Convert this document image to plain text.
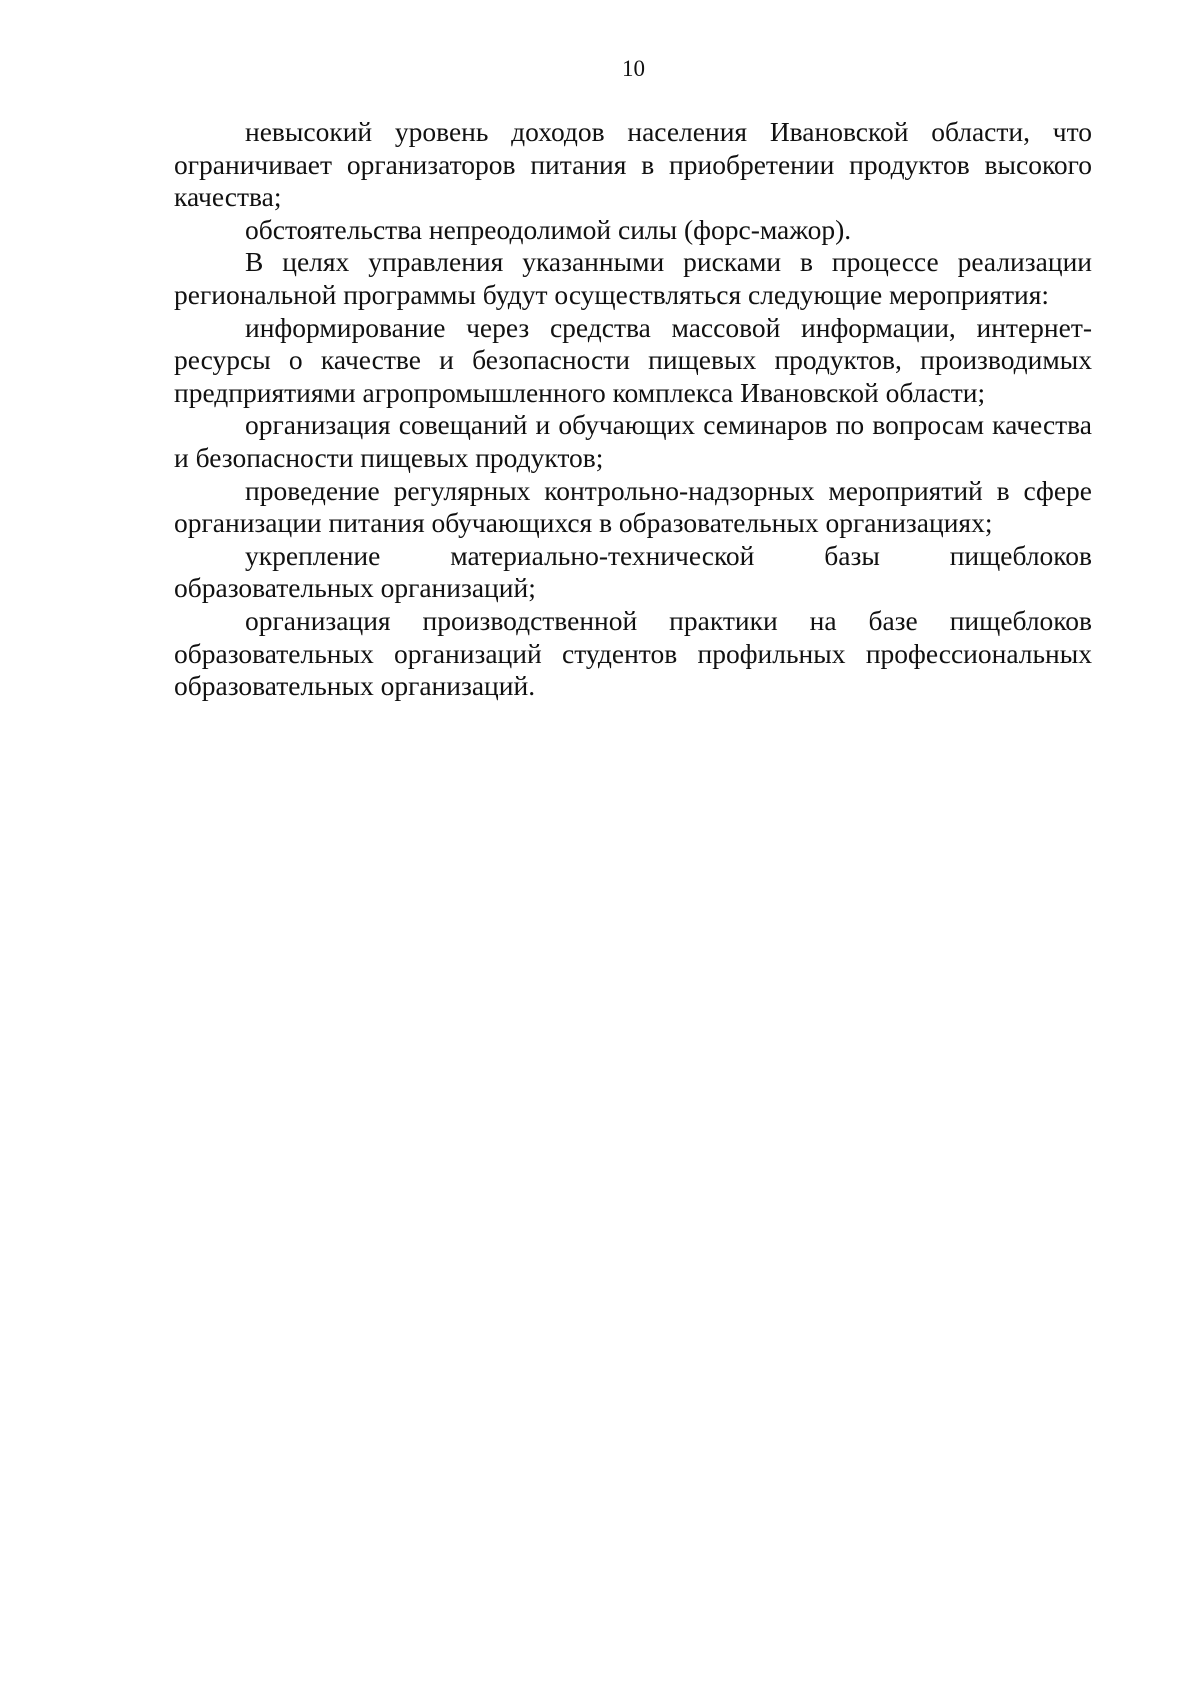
10

невысокий уровень доходов населения Ивановской области, что ограничивает организаторов питания в приобретении продуктов высокого качества;

обстоятельства непреодолимой силы (форс-мажор).

В целях управления указанными рисками в процессе реализации региональной программы будут осуществляться следующие мероприятия:

информирование через средства массовой информации, интернет-ресурсы о качестве и безопасности пищевых продуктов, производимых предприятиями агропромышленного комплекса Ивановской области;

организация совещаний и обучающих семинаров по вопросам качества и безопасности пищевых продуктов;

проведение регулярных контрольно-надзорных мероприятий в сфере организации питания обучающихся в образовательных организациях;

укрепление материально-технической базы пищеблоков образовательных организаций;

организация производственной практики на базе пищеблоков образовательных организаций студентов профильных профессиональных образовательных организаций.
